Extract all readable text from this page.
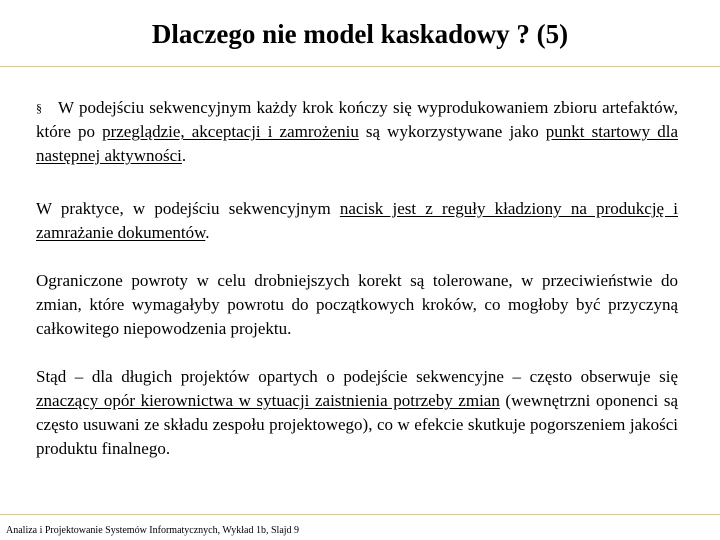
Dlaczego nie model kaskadowy ? (5)
§ W podejściu sekwencyjnym każdy krok kończy się wyprodukowaniem zbioru artefaktów, które po przeglądzie, akceptacji i zamrożeniu są wykorzystywane jako punkt startowy dla następnej aktywności.
W praktyce, w podejściu sekwencyjnym nacisk jest z reguły kładziony na produkcję i zamrażanie dokumentów.
Ograniczone powroty w celu drobniejszych korekt są tolerowane, w przeciwieństwie do zmian, które wymagałyby powrotu do początkowych kroków, co mogłoby być przyczyną całkowitego niepowodzenia projektu.
Stąd – dla długich projektów opartych o podejście sekwencyjne – często obserwuje się znaczący opór kierownictwa w sytuacji zaistnienia potrzeby zmian (wewnętrzni oponenci są często usuwani ze składu zespołu projektowego), co w efekcie skutkuje pogorszeniem jakości produktu finalnego.
Analiza i Projektowanie Systemów Informatycznych, Wykład 1b, Slajd 9
